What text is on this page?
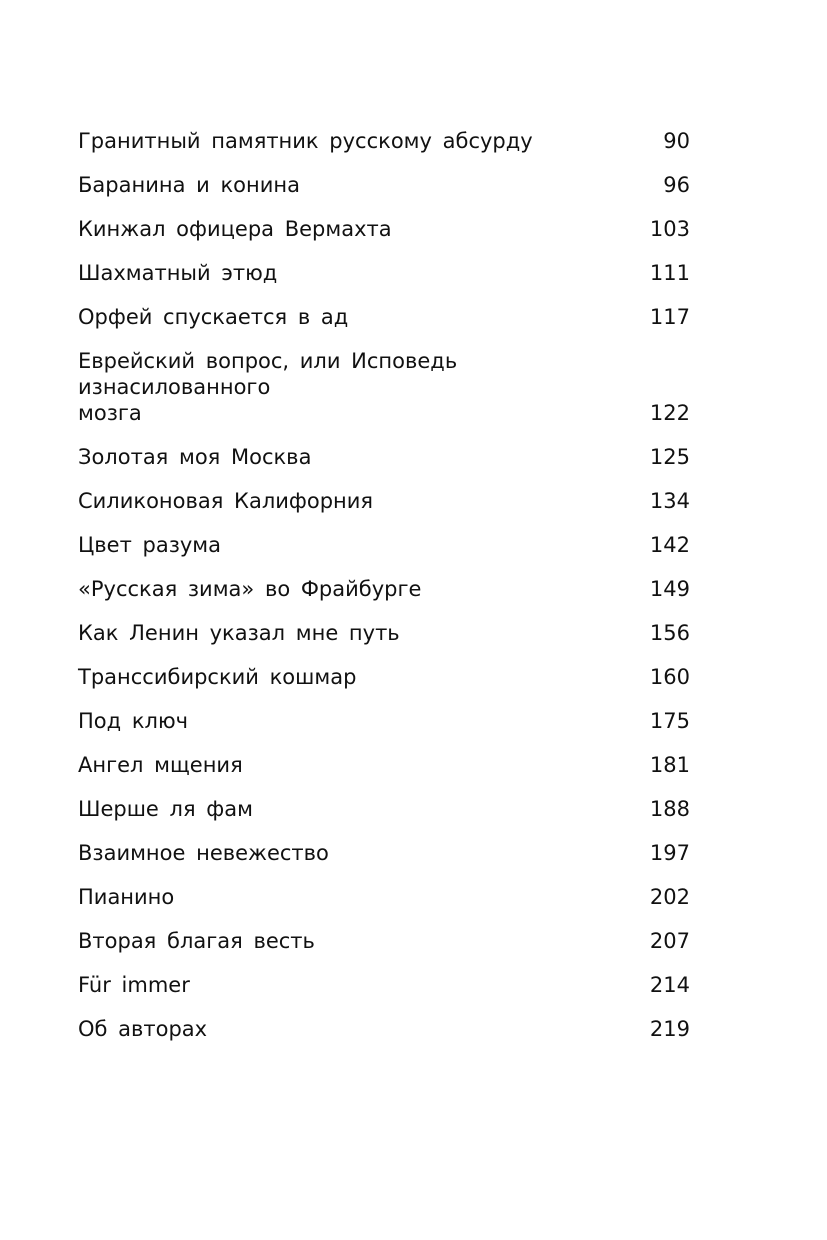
Гранитный памятник русскому абсурду	90
Баранина и конина	96
Кинжал офицера Вермахта	103
Шахматный этюд	111
Орфей спускается в ад	117
Еврейский вопрос, или Исповедь изнасилованного
мозга	122
Золотая моя Москва	125
Силиконовая Калифорния	134
Цвет разума	142
«Русская зима» во Фрайбурге	149
Как Ленин указал мне путь	156
Транссибирский кошмар	160
Под ключ	175
Ангел мщения	181
Шерше ля фам	188
Взаимное невежество	197
Пианино	202
Вторая благая весть	207
Für immer	214
Об авторах	219
